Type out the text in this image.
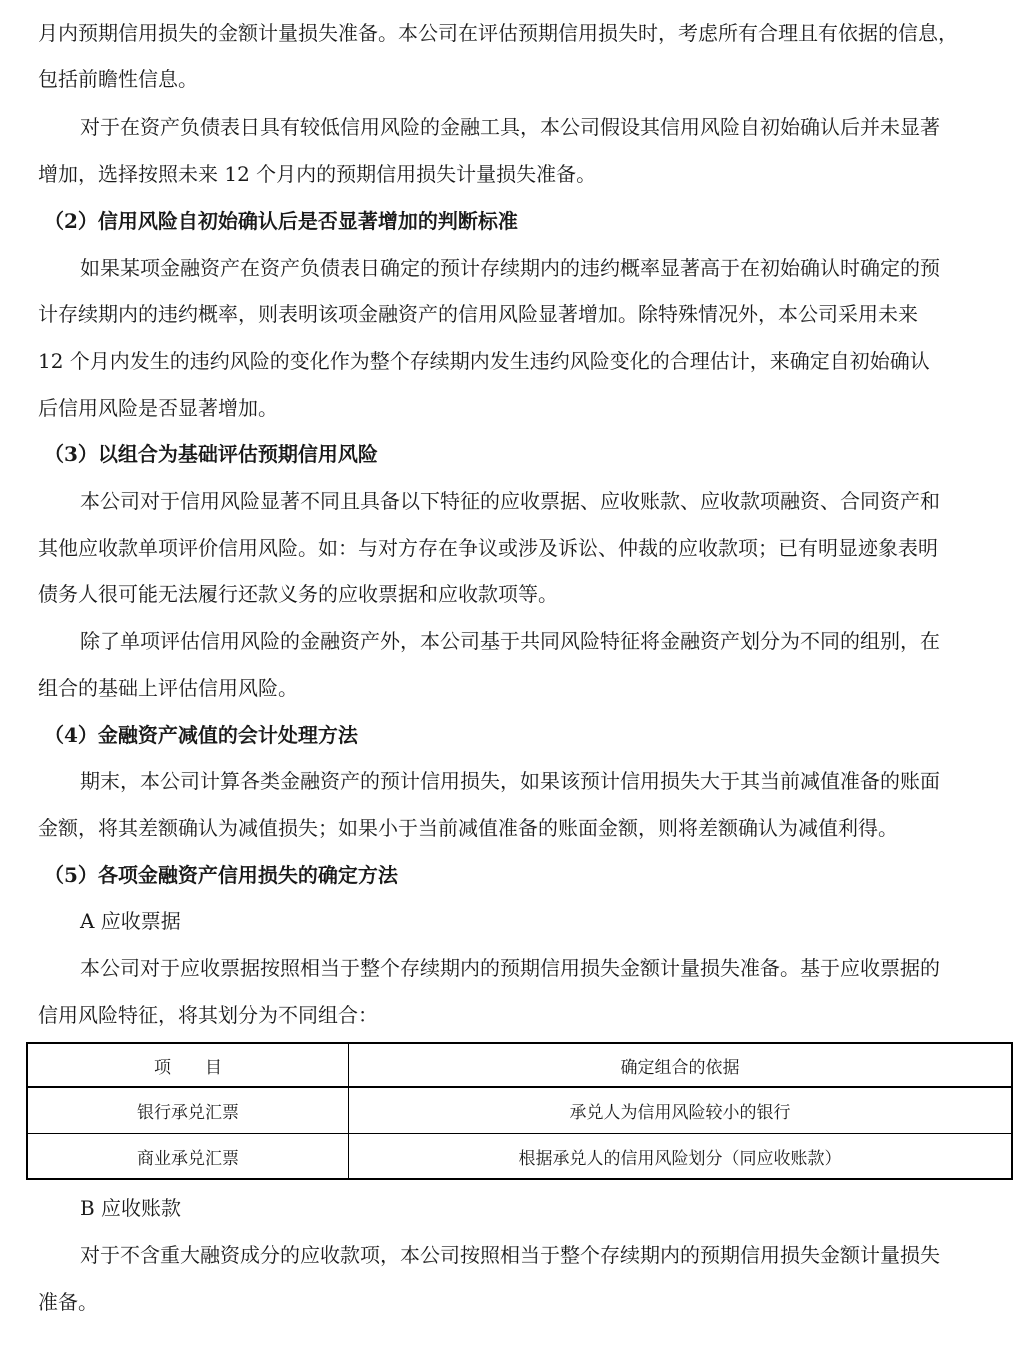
月内预期信用损失的金额计量损失准备。本公司在评估预期信用损失时，考虑所有合理且有依据的信息，
包括前瞻性信息。
对于在资产负债表日具有较低信用风险的金融工具，本公司假设其信用风险自初始确认后并未显著
增加，选择按照未来 12 个月内的预期信用损失计量损失准备。
（2）信用风险自初始确认后是否显著增加的判断标准
如果某项金融资产在资产负债表日确定的预计存续期内的违约概率显著高于在初始确认时确定的预
计存续期内的违约概率，则表明该项金融资产的信用风险显著增加。除特殊情况外，本公司采用未来
12 个月内发生的违约风险的变化作为整个存续期内发生违约风险变化的合理估计，来确定自初始确认
后信用风险是否显著增加。
（3）以组合为基础评估预期信用风险
本公司对于信用风险显著不同且具备以下特征的应收票据、应收账款、应收款项融资、合同资产和
其他应收款单项评价信用风险。如：与对方存在争议或涉及诉讼、仲裁的应收款项；已有明显迹象表明
债务人很可能无法履行还款义务的应收票据和应收款项等。
除了单项评估信用风险的金融资产外，本公司基于共同风险特征将金融资产划分为不同的组别，在
组合的基础上评估信用风险。
（4）金融资产减值的会计处理方法
期末，本公司计算各类金融资产的预计信用损失，如果该预计信用损失大于其当前减值准备的账面
金额，将其差额确认为减值损失；如果小于当前减值准备的账面金额，则将差额确认为减值利得。
（5）各项金融资产信用损失的确定方法
A 应收票据
本公司对于应收票据按照相当于整个存续期内的预期信用损失金额计量损失准备。基于应收票据的
信用风险特征，将其划分为不同组合：
项　　目	确定组合的依据
银行承兑汇票	承兑人为信用风险较小的银行
商业承兑汇票	根据承兑人的信用风险划分（同应收账款）
B 应收账款
对于不含重大融资成分的应收款项，本公司按照相当于整个存续期内的预期信用损失金额计量损失
准备。
